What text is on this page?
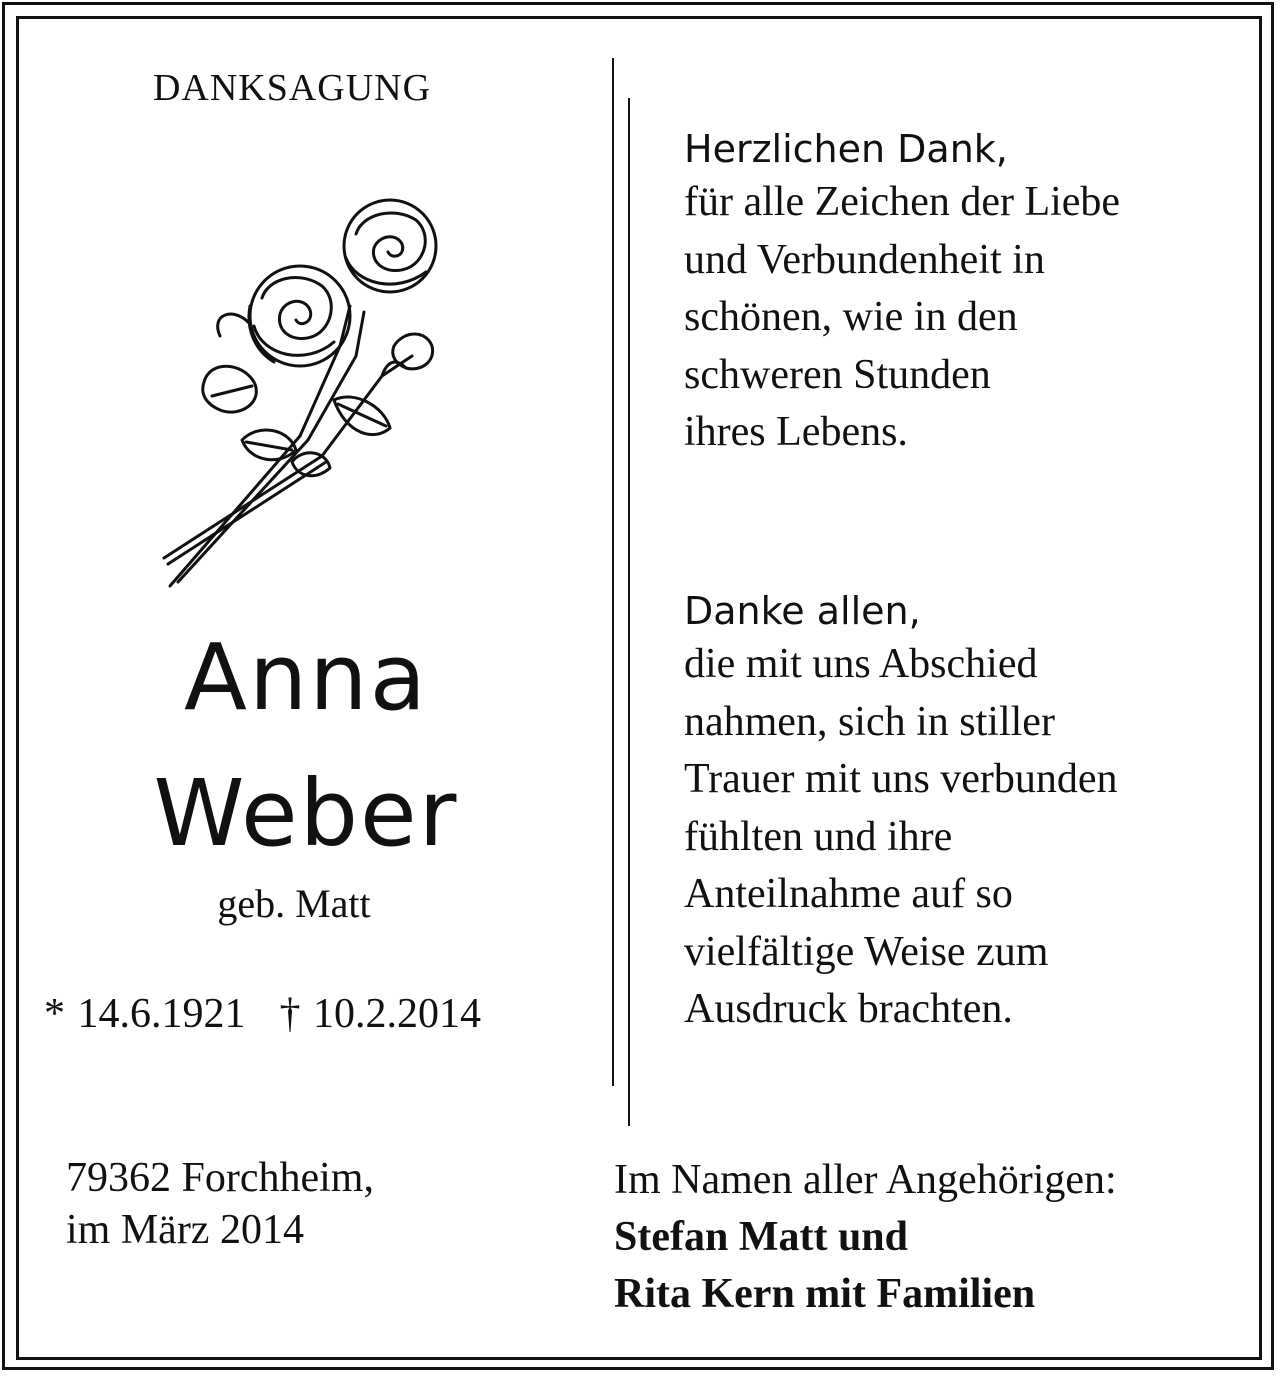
DANKSAGUNG

Anna

Weber

geb. Matt

* 14.6.1921 † 10.2.2014

79362 Forchheim,
im März 2014
Herzlichen Dank,
für alle Zeichen der Liebe
und Verbundenheit in
schönen, wie in den
schweren Stunden
ihres Lebens.
Danke allen,
die mit uns Abschied
nahmen, sich in stiller
Trauer mit uns verbunden
fühlten und ihre
Anteilnahme auf so
vielfältige Weise zum
Ausdruck brachten.
Im Namen aller Angehörigen:
Stefan Matt und
Rita Kern mit Familien
